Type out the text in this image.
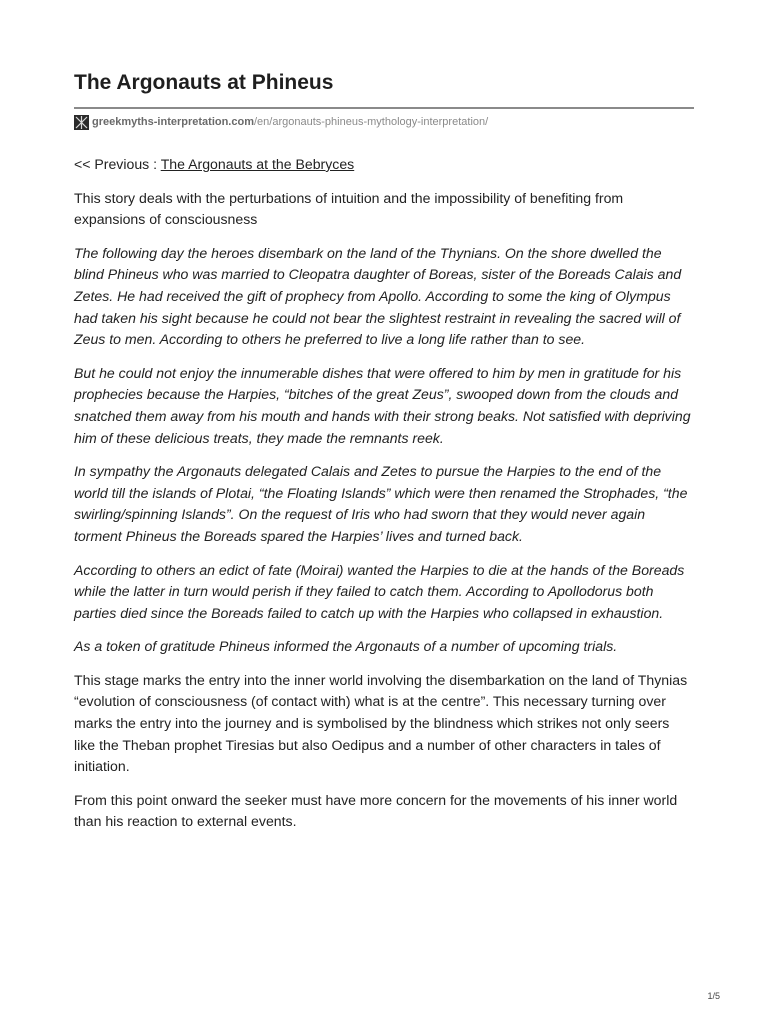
The Argonauts at Phineus
greekmyths-interpretation.com /en/argonauts-phineus-mythology-interpretation/

<< Previous : The Argonauts at the Bebryces

This story deals with the perturbations of intuition and the impossibility of benefiting from expansions of consciousness

The following day the heroes disembark on the land of the Thynians. On the shore dwelled the blind Phineus who was married to Cleopatra daughter of Boreas, sister of the Boreads Calais and Zetes. He had received the gift of prophecy from Apollo. According to some the king of Olympus had taken his sight because he could not bear the slightest restraint in revealing the sacred will of Zeus to men. According to others he preferred to live a long life rather than to see.

But he could not enjoy the innumerable dishes that were offered to him by men in gratitude for his prophecies because the Harpies, “bitches of the great Zeus”, swooped down from the clouds and snatched them away from his mouth and hands with their strong beaks. Not satisfied with depriving him of these delicious treats, they made the remnants reek.

In sympathy the Argonauts delegated Calais and Zetes to pursue the Harpies to the end of the world till the islands of Plotai, “the Floating Islands” which were then renamed the Strophades, “the swirling/spinning Islands”. On the request of Iris who had sworn that they would never again torment Phineus the Boreads spared the Harpies’ lives and turned back.

According to others an edict of fate (Moirai) wanted the Harpies to die at the hands of the Boreads while the latter in turn would perish if they failed to catch them. According to Apollodorus both parties died since the Boreads failed to catch up with the Harpies who collapsed in exhaustion.

As a token of gratitude Phineus informed the Argonauts of a number of upcoming trials.

This stage marks the entry into the inner world involving the disembarkation on the land of Thynias “evolution of consciousness (of contact with) what is at the centre”. This necessary turning over marks the entry into the journey and is symbolised by the blindness which strikes not only seers like the Theban prophet Tiresias but also Oedipus and a number of other characters in tales of initiation.

From this point onward the seeker must have more concern for the movements of his inner world than his reaction to external events.

1/5
